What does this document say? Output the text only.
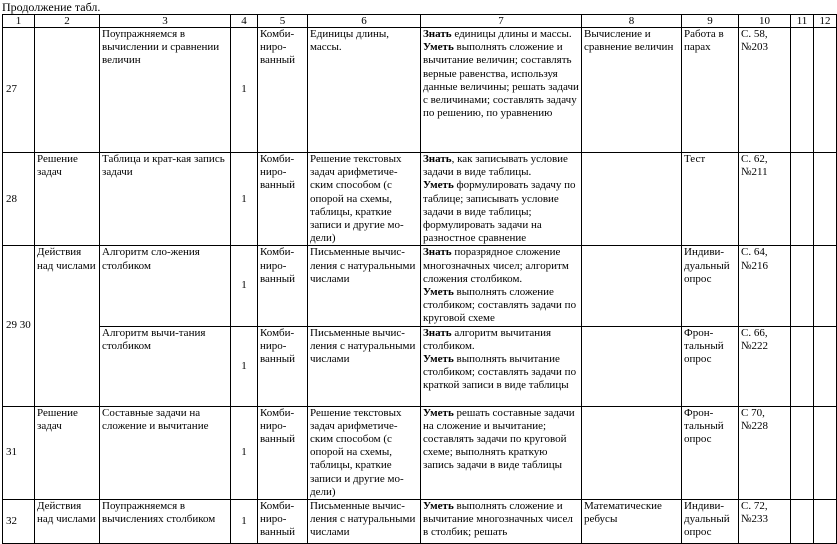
Продолжение табл.
1	2	3	4	5	6	7	8	9	10	11	12
27		Поупражняемся в вычислении и сравнении величин	1	Комби-ниро-ванный	Единицы длины, массы.	Знать единицы длины и массы.
Уметь выполнять сложение и вычитание величин; составлять верные равенства, используя данные величины; решать задачи с величинами; составлять задачу по решению, по уравнению	Вычисление и сравнение величин	Работа в парах	С. 58, №203		
28	Решение задач	Таблица и крат-кая запись задачи	1	Комби-ниро-ванный	Решение текстовых задач арифметиче-ским способом (с опорой на схемы, таблицы, краткие записи и другие мо-дели)	Знать, как записывать условие задачи в виде таблицы.
Уметь формулировать задачу по таблице; записывать условие задачи в виде таблицы; формулировать задачи на разностное сравнение		Тест	С. 62, №211		
29 30	Действия над числами	Алгоритм сло-жения столбиком	1	Комби-ниро-ванный	Письменные вычис-ления с натуральными числами	Знать поразрядное сложение многозначных чисел; алгоритм сложения столбиком.
Уметь выполнять сложение столбиком; составлять задачи по круговой схеме		Индиви-дуальный опрос	С. 64, №216		
		Алгоритм вычи-тания столбиком	1	Комби-ниро-ванный	Письменные вычис-ления с натуральными числами	Знать алгоритм вычитания столбиком.
Уметь выполнять вычитание столбиком; составлять задачи по краткой записи в виде таблицы		Фрон-тальный опрос	С. 66, №222		
31	Решение задач	Составные задачи на сложение и вычитание	1	Комби-ниро-ванный	Решение текстовых задач арифметиче-ским способом (с опорой на схемы, таблицы, краткие записи и другие мо-дели)	Уметь решать составные задачи на сложение и вычитание; составлять задачи по круговой схеме; выполнять краткую запись задачи в виде таблицы		Фрон-тальный опрос	С 70, №228		
32	Действия над числами	Поупражняемся в вычислениях столбиком	1	Комби-ниро-ванный	Письменные вычис-ления с натуральными числами	Уметь выполнять сложение и вычитание многозначных чисел в столбик; решать	Математические ребусы	Индиви-дуальный опрос	С. 72, №233		
